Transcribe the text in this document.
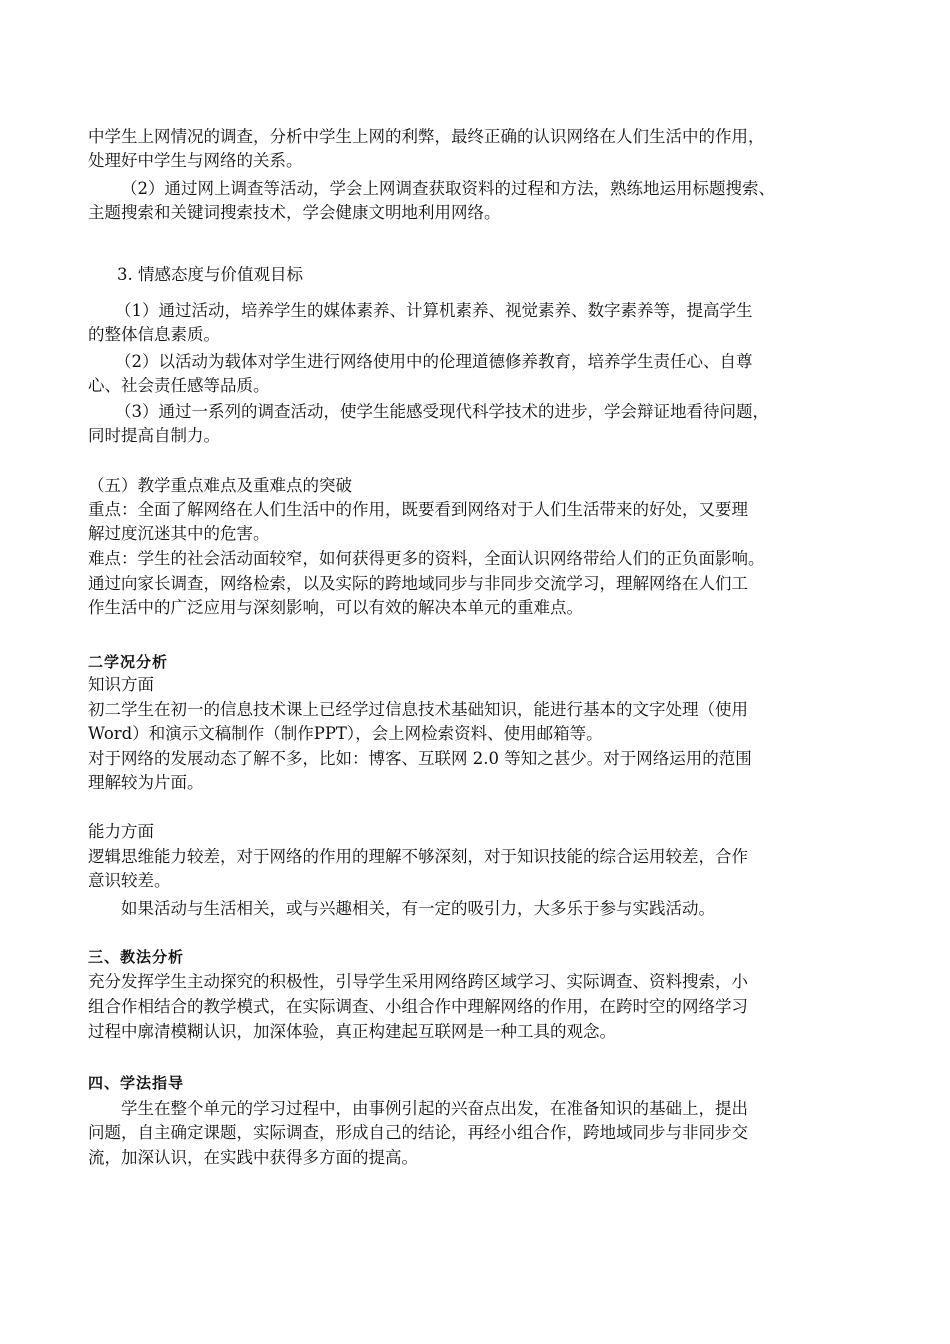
中学生上网情况的调查，分析中学生上网的利弊，最终正确的认识网络在人们生活中的作用，
处理好中学生与网络的关系。
（2）通过网上调查等活动，学会上网调查获取资料的过程和方法，熟练地运用标题搜索、
主题搜索和关键词搜索技术，学会健康文明地利用网络。
3. 情感态度与价值观目标
（1）通过活动，培养学生的媒体素养、计算机素养、视觉素养、数字素养等，提高学生
的整体信息素质。
（2）以活动为载体对学生进行网络使用中的伦理道德修养教育，培养学生责任心、自尊
心、社会责任感等品质。
（3）通过一系列的调查活动，使学生能感受现代科学技术的进步，学会辩证地看待问题，
同时提高自制力。
（五）教学重点难点及重难点的突破
重点：全面了解网络在人们生活中的作用，既要看到网络对于人们生活带来的好处，又要理
解过度沉迷其中的危害。
难点：学生的社会活动面较窄，如何获得更多的资料，全面认识网络带给人们的正负面影响。
通过向家长调查，网络检索，以及实际的跨地域同步与非同步交流学习，理解网络在人们工
作生活中的广泛应用与深刻影响，可以有效的解决本单元的重难点。
二学况分析
知识方面
初二学生在初一的信息技术课上已经学过信息技术基础知识，能进行基本的文字处理（使用
Word）和演示文稿制作（制作PPT），会上网检索资料、使用邮箱等。
对于网络的发展动态了解不多，比如：博客、互联网 2.0 等知之甚少。对于网络运用的范围
理解较为片面。
能力方面
逻辑思维能力较差，对于网络的作用的理解不够深刻，对于知识技能的综合运用较差，合作
意识较差。
如果活动与生活相关，或与兴趣相关，有一定的吸引力，大多乐于参与实践活动。
三、教法分析
充分发挥学生主动探究的积极性，引导学生采用网络跨区域学习、实际调查、资料搜索，小
组合作相结合的教学模式，在实际调查、小组合作中理解网络的作用，在跨时空的网络学习
过程中廓清模糊认识，加深体验，真正构建起互联网是一种工具的观念。
四、学法指导
学生在整个单元的学习过程中，由事例引起的兴奋点出发，在准备知识的基础上，提出
问题，自主确定课题，实际调查，形成自己的结论，再经小组合作，跨地域同步与非同步交
流，加深认识，在实践中获得多方面的提高。
